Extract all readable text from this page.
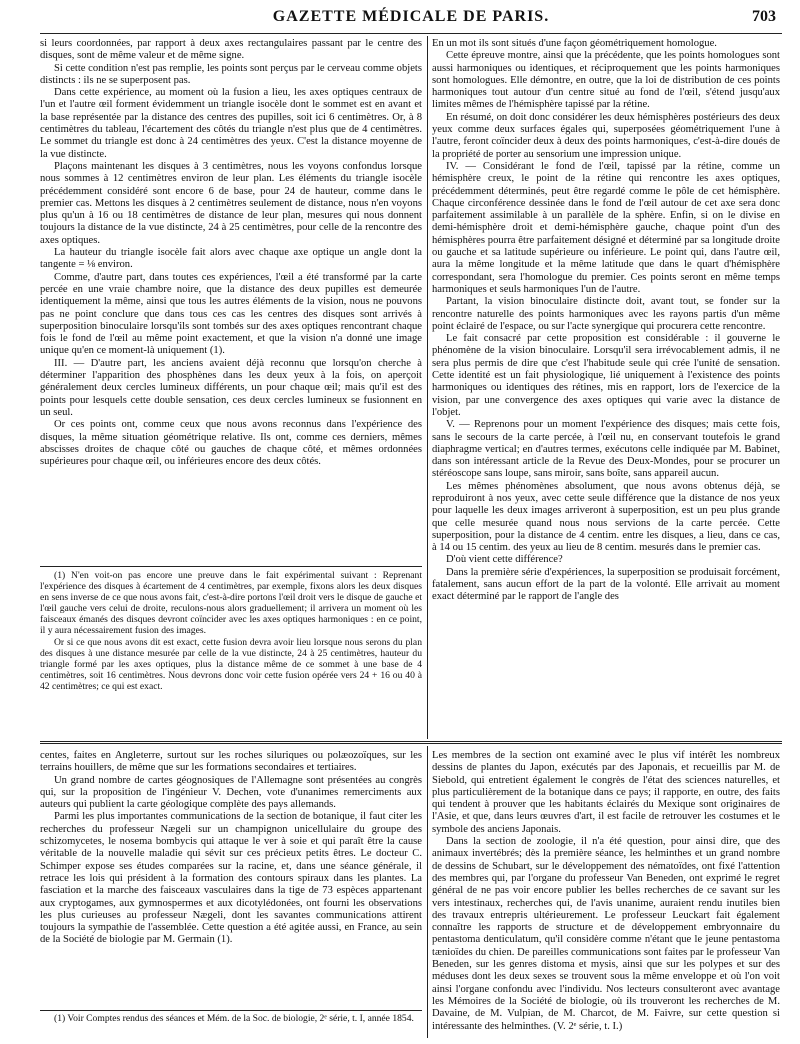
GAZETTE MÉDICALE DE PARIS.	703

si leurs coordonnées, par rapport à deux axes rectangulaires passant par le centre des disques, sont de même valeur et de même signe.

Si cette condition n'est pas remplie, les points sont perçus par le cerveau comme objets distincts : ils ne se superposent pas.

Dans cette expérience, au moment où la fusion a lieu, les axes optiques centraux de l'un et l'autre œil forment évidemment un triangle isocèle dont le sommet est en avant et la base représentée par la distance des centres des pupilles, soit ici 6 centimètres. Or, à 8 centimètres du tableau, l'écartement des côtés du triangle n'est plus que de 4 centimètres. Le sommet du triangle est donc à 24 centimètres des yeux. C'est la distance moyenne de la vue distincte.

Plaçons maintenant les disques à 3 centimètres, nous les voyons confondus lorsque nous sommes à 12 centimètres environ de leur plan. Les éléments du triangle isocèle précédemment considéré sont encore 6 de base, pour 24 de hauteur, comme dans le premier cas. Mettons les disques à 2 centimètres seulement de distance, nous n'en voyons plus qu'un à 16 ou 18 centimètres de distance de leur plan, mesures qui nous donnent toujours la distance de la vue distincte, 24 à 25 centimètres, pour celle de la rencontre des axes optiques.

La hauteur du triangle isocèle fait alors avec chaque axe optique un angle dont la tangente = ⅛ environ.

Comme, d'autre part, dans toutes ces expériences, l'œil a été transformé par la carte percée en une vraie chambre noire, que la distance des deux pupilles est demeurée identiquement la même, ainsi que tous les autres éléments de la vision, nous ne pouvons pas ne point conclure que dans tous ces cas les centres des disques sont arrivés à superposition binoculaire lorsqu'ils sont tombés sur des axes optiques rencontrant chaque fois le fond de l'œil au même point exactement, et que la vision n'a donné une image unique qu'en ce moment-là uniquement (1).

III. — D'autre part, les anciens avaient déjà reconnu que lorsqu'on cherche à déterminer l'apparition des phosphènes dans les deux yeux à la fois, on aperçoit généralement deux cercles lumineux différents, un pour chaque œil; mais qu'il est des points pour lesquels cette double sensation, ces deux cercles lumineux se fusionnent en un seul.

Or ces points ont, comme ceux que nous avons reconnus dans l'expérience des disques, la même situation géométrique relative. Ils ont, comme ces derniers, mêmes abscisses droites de chaque côté ou gauches de chaque côté, et mêmes ordonnées supérieures pour chaque œil, ou inférieures encore des deux côtés.

(1) N'en voit-on pas encore une preuve dans le fait expérimental suivant : Reprenant l'expérience des disques à écartement de 4 centimètres, par exemple, fixons alors les deux disques en sens inverse de ce que nous avons fait, c'est-à-dire portons l'œil droit vers le disque de gauche et l'œil gauche vers celui de droite, reculons-nous alors graduellement; il arrivera un moment où les faisceaux émanés des disques devront coïncider avec les axes optiques harmoniques : en ce point, il y aura nécessairement fusion des images.

Or si ce que nous avons dit est exact, cette fusion devra avoir lieu lorsque nous serons du plan des disques à une distance mesurée par celle de la vue distincte, 24 à 25 centimètres, hauteur du triangle formé par les axes optiques, plus la distance même de ce sommet à une base de 4 centimètres, soit 16 centimètres. Nous devrons donc voir cette fusion opérée vers 24 + 16 ou 40 à 42 centimètres; ce qui est exact.

En un mot ils sont situés d'une façon géométriquement homologue.

Cette épreuve montre, ainsi que la précédente, que les points homologues sont aussi harmoniques ou identiques, et réciproquement que les points harmoniques sont homologues. Elle démontre, en outre, que la loi de distribution de ces points harmoniques tout autour d'un centre situé au fond de l'œil, s'étend jusqu'aux limites mêmes de l'hémisphère tapissé par la rétine.

En résumé, on doit donc considérer les deux hémisphères postérieurs des deux yeux comme deux surfaces égales qui, superposées géométriquement l'une à l'autre, feront coïncider deux à deux des points harmoniques, c'est-à-dire doués de la propriété de porter au sensorium une impression unique.

IV. — Considérant le fond de l'œil, tapissé par la rétine, comme un hémisphère creux, le point de la rétine qui rencontre les axes optiques, précédemment déterminés, peut être regardé comme le pôle de cet hémisphère. Chaque circonférence dessinée dans le fond de l'œil autour de cet axe sera donc parfaitement assimilable à un parallèle de la sphère. Enfin, si on le divise en demi-hémisphère droit et demi-hémisphère gauche, chaque point d'un des hémisphères pourra être parfaitement désigné et déterminé par sa longitude droite ou gauche et sa latitude supérieure ou inférieure. Le point qui, dans l'autre œil, aura la même longitude et la même latitude que dans le quart d'hémisphère correspondant, sera l'homologue du premier. Ces points seront en même temps harmoniques et seuls harmoniques l'un de l'autre.

Partant, la vision binoculaire distincte doit, avant tout, se fonder sur la rencontre naturelle des points harmoniques avec les rayons partis d'un même point éclairé de l'espace, ou sur l'acte synergique qui procurera cette rencontre.

Le fait consacré par cette proposition est considérable : il gouverne le phénomène de la vision binoculaire. Lorsqu'il sera irrévocablement admis, il ne sera plus permis de dire que c'est l'habitude seule qui crée l'unité de sensation. Cette identité est un fait physiologique, lié uniquement à l'existence des points harmoniques ou identiques des rétines, mis en rapport, lors de l'exercice de la vision, par une convergence des axes optiques qui varie avec la distance de l'objet.

V. — Reprenons pour un moment l'expérience des disques; mais cette fois, sans le secours de la carte percée, à l'œil nu, en conservant toutefois le grand diaphragme vertical; en d'autres termes, exécutons celle indiquée par M. Babinet, dans son intéressant article de la Revue des Deux-Mondes, pour se procurer un stéréoscope sans loupe, sans miroir, sans boîte, sans appareil aucun.

Les mêmes phénomènes absolument, que nous avons obtenus déjà, se reproduiront à nos yeux, avec cette seule différence que la distance de nos yeux pour laquelle les deux images arriveront à superposition, est un peu plus grande que celle mesurée quand nous nous servions de la carte percée. Cette superposition, pour la distance de 4 centim. entre les disques, a lieu, dans ce cas, à 14 ou 15 centim. des yeux au lieu de 8 centim. mesurés dans le premier cas.

D'où vient cette différence?

Dans la première série d'expériences, la superposition se produisait forcément, fatalement, sans aucun effort de la part de la volonté. Elle arrivait au moment exact déterminé par le rapport de l'angle des

centes, faites en Angleterre, surtout sur les roches siluriques ou polæozoïques, sur les terrains houillers, de même que sur les formations secondaires et tertiaires.

Un grand nombre de cartes géognosiques de l'Allemagne sont présentées au congrès qui, sur la proposition de l'ingénieur V. Dechen, vote d'unanimes remerciments aux auteurs qui publient la carte géologique complète des pays allemands.

Parmi les plus importantes communications de la section de botanique, il faut citer les recherches du professeur Nægeli sur un champignon unicellulaire du groupe des schizomycetes, le nosema bombycis qui attaque le ver à soie et qui paraît être la cause véritable de la nouvelle maladie qui sévit sur ces précieux petits êtres. Le docteur C. Schimper expose ses études comparées sur la racine, et, dans une séance générale, il retrace les lois qui président à la formation des contours spiraux dans les plantes. La fasciation et la marche des faisceaux vasculaires dans la tige de 73 espèces appartenant aux cryptogames, aux gymnospermes et aux dicotylédonées, ont fourni les observations les plus curieuses au professeur Nægeli, dont les savantes communications attirent toujours la sympathie de l'assemblée. Cette question a été agitée aussi, en France, au sein de la Société de biologie par M. Germain (1).

(1) Voir Comptes rendus des séances et Mém. de la Soc. de biologie, 2ᵉ série, t. I, année 1854.

Les membres de la section ont examiné avec le plus vif intérêt les nombreux dessins de plantes du Japon, exécutés par des Japonais, et recueillis par M. de Siebold, qui entretient également le congrès de l'état des sciences naturelles, et plus particulièrement de la botanique dans ce pays; il rapporte, en outre, des faits qui tendent à prouver que les habitants éclairés du Mexique sont originaires de l'Asie, et que, dans leurs œuvres d'art, il est facile de retrouver les costumes et le symbole des anciens Japonais.

Dans la section de zoologie, il n'a été question, pour ainsi dire, que des animaux invertébrés; dès la première séance, les helminthes et un grand nombre de dessins de Schubart, sur le développement des nématoïdes, ont fixé l'attention des membres qui, par l'organe du professeur Van Beneden, ont exprimé le regret général de ne pas voir encore publier les belles recherches de ce savant sur les vers intestinaux, recherches qui, de l'avis unanime, auraient rendu inutiles bien des travaux entrepris ultérieurement. Le professeur Leuckart fait également connaître les rapports de structure et de développement embryonnaire du pentastoma denticulatum, qu'il considère comme n'étant que le jeune pentastoma tænioïdes du chien. De pareilles communications sont faites par le professeur Van Beneden, sur les genres distoma et mysis, ainsi que sur les polypes et sur des méduses dont les deux sexes se trouvent sous la même enveloppe et où l'on voit ainsi l'organe confondu avec l'individu. Nos lecteurs consulteront avec avantage les Mémoires de la Société de biologie, où ils trouveront les recherches de M. Davaine, de M. Vulpian, de M. Charcot, de M. Faivre, sur cette question si intéressante des helminthes. (V. 2ᵉ série, t. I.)
